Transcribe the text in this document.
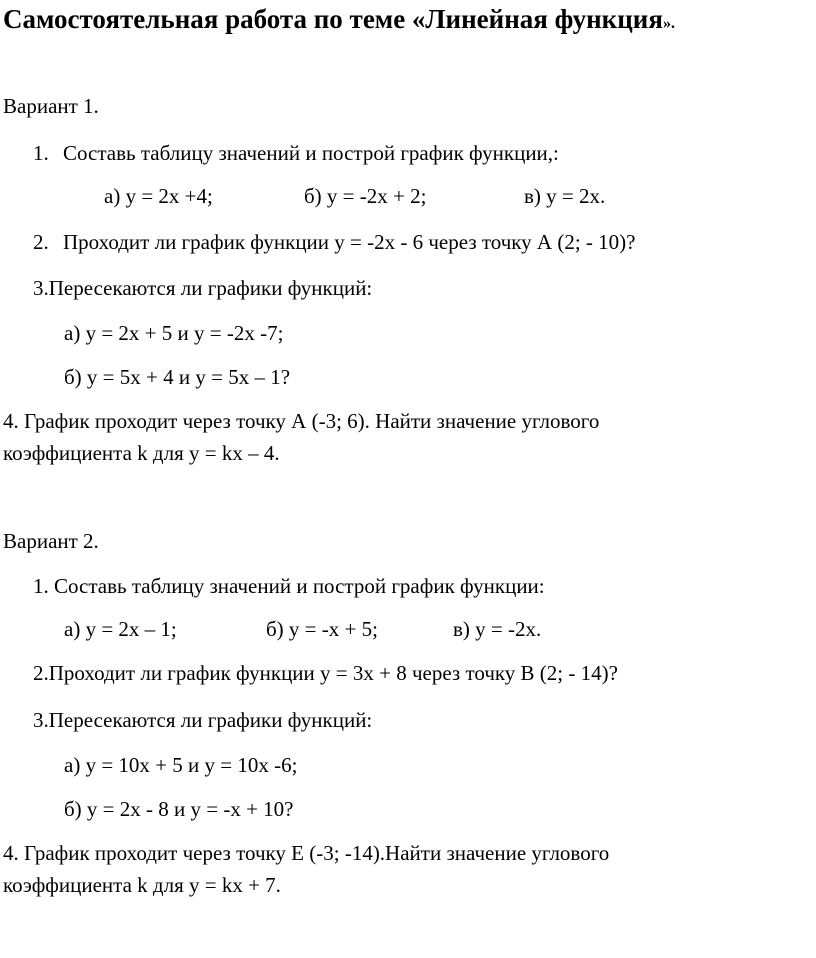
Самостоятельная работа по теме «Линейная функция».
Вариант 1.
1. Составь таблицу значений и построй график функции,:
а) у = 2х +4;	б) у = -2х + 2;	в) у = 2х.
2. Проходит ли график функции у = -2х - 6 через точку А (2; - 10)?
3.Пересекаются ли графики функций:
а) у = 2х + 5 и у = -2х -7;
б) у = 5х + 4 и у = 5х – 1?
4. График проходит через точку А (-3; 6). Найти значение углового
коэффициента k для у = kx – 4.
Вариант 2.
1. Составь таблицу значений и построй график функции:
а) у = 2х – 1;	б) у = -х + 5;	в) у = -2х.
2.Проходит ли график функции у = 3х + 8 через точку В (2; - 14)?
3.Пересекаются ли графики функций:
а) у = 10х + 5 и у = 10х -6;
б) у = 2х - 8 и у = -х + 10?
4. График проходит через точку Е (-3; -14).Найти значение углового
коэффициента k для у = kx + 7.
